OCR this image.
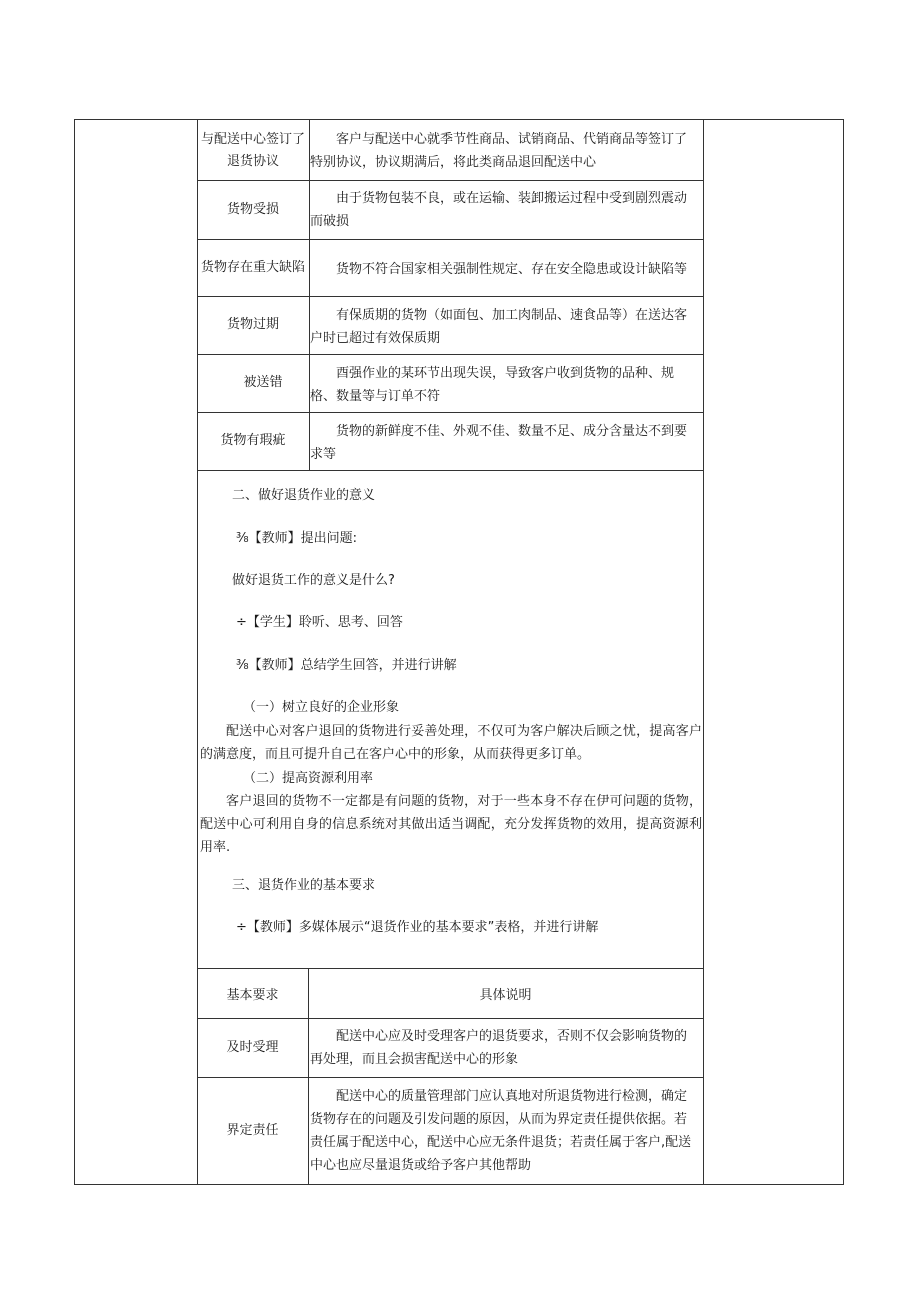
与配送中心签订了退货协议
客户与配送中心就季节性商品、试销商品、代销商品等签订了特别协议，协议期满后，将此类商品退回配送中心
货物受损
由于货物包装不良，或在运输、装卸搬运过程中受到剧烈震动而破损
货物存在重大缺陷	货物不符合国家相关强制性规定、存在安全隐患或设计缺陷等
货物过期
有保质期的货物（如面包、加工肉制品、速食品等）在送达客户时已超过有效保质期
被送错
酉强作业的某环节出现失误，导致客户收到货物的品种、规格、数量等与订单不符
货物有瑕疵
货物的新鲜度不佳、外观不佳、数量不足、成分含量达不到要求等
二、做好退货作业的意义
⅜【教师】提出问题:
做好退货工作的意义是什么?
÷【学生】聆听、思考、回答
⅜【教师】总结学生回答，并进行讲解
（一）树立良好的企业形象
配送中心对客户退回的货物进行妥善处理，不仅可为客户解决后顾之忧，提高客户的满意度，而且可提升自己在客户心中的形象，从而获得更多订单。
（二）提高资源利用率
客户退回的货物不一定都是有问题的货物，对于一些本身不存在伊可问题的货物，配送中心可利用自身的信息系统对其做出适当调配，充分发挥货物的效用，提高资源利用率.
三、退货作业的基本要求
÷【教师】多媒体展示“退货作业的基本要求”表格，并进行讲解
基本要求	具体说明
及时受理
配送中心应及时受理客户的退货要求，否则不仅会影响货物的再处理，而且会损害配送中心的形象
界定责任
配送中心的质量管理部门应认真地对所退货物进行检测，确定货物存在的问题及引发问题的原因，从而为界定责任提供依据。若责任属于配送中心，配送中心应无条件退货；若责任属于客户,配送中心也应尽量退货或给予客户其他帮助
